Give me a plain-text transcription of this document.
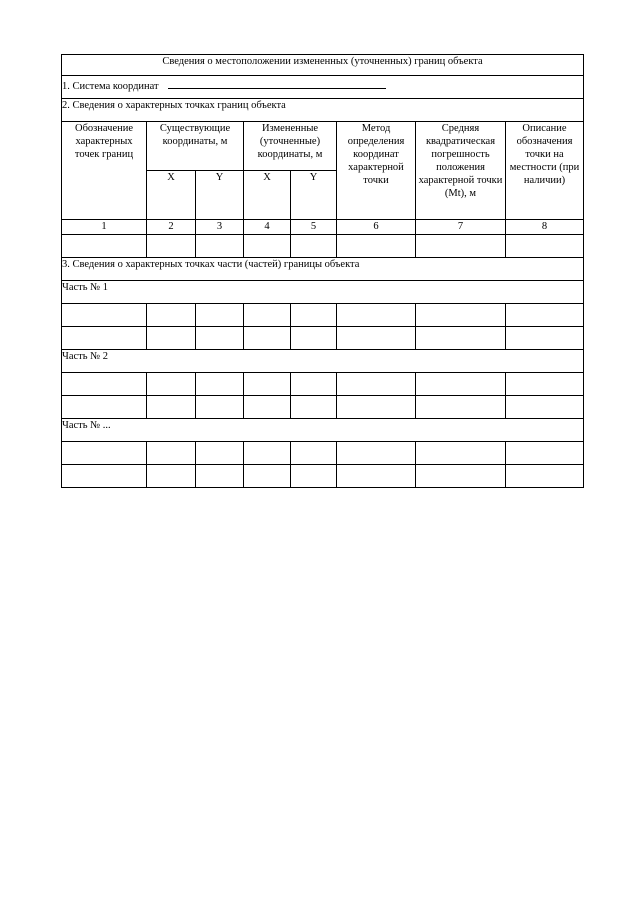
Сведения о местоположении измененных (уточненных) границ объекта							
1. Система координат							
2. Сведения о характерных точках границ объекта							
Обозначение характерных точек границ	Существующие координаты, м		Измененные (уточненные) координаты, м		Метод определения координат характерной точки	Средняя квадратическая погрешность положения характерной точки (Mt), м	Описание обозначения точки на местности (при наличии)
	X	Y	X	Y			
1	2	3	4	5	6	7	8

3. Сведения о характерных точках части (частей) границы объекта							
Часть № 1							

Часть № 2							

Часть № ...							
